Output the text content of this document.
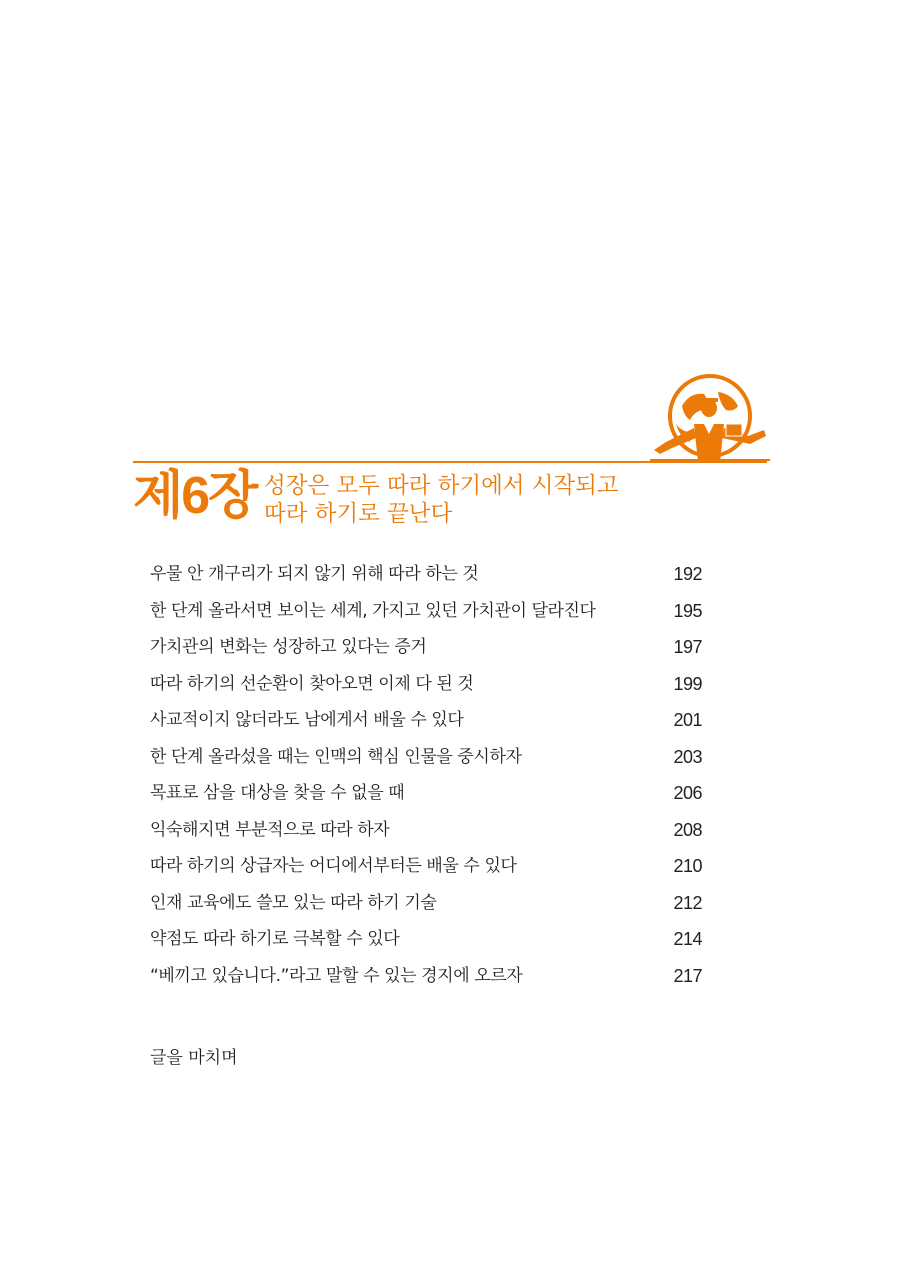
제6장 성장은 모두 따라 하기에서 시작되고
따라 하기로 끝난다
우물 안 개구리가 되지 않기 위해 따라 하는 것	192
한 단계 올라서면 보이는 세계, 가지고 있던 가치관이 달라진다	195
가치관의 변화는 성장하고 있다는 증거	197
따라 하기의 선순환이 찾아오면 이제 다 된 것	199
사교적이지 않더라도 남에게서 배울 수 있다	201
한 단계 올라섰을 때는 인맥의 핵심 인물을 중시하자	203
목표로 삼을 대상을 찾을 수 없을 때	206
익숙해지면 부분적으로 따라 하자	208
따라 하기의 상급자는 어디에서부터든 배울 수 있다	210
인재 교육에도 쓸모 있는 따라 하기 기술	212
약점도 따라 하기로 극복할 수 있다	214
“베끼고 있습니다.”라고 말할 수 있는 경지에 오르자	217
글을 마치며
